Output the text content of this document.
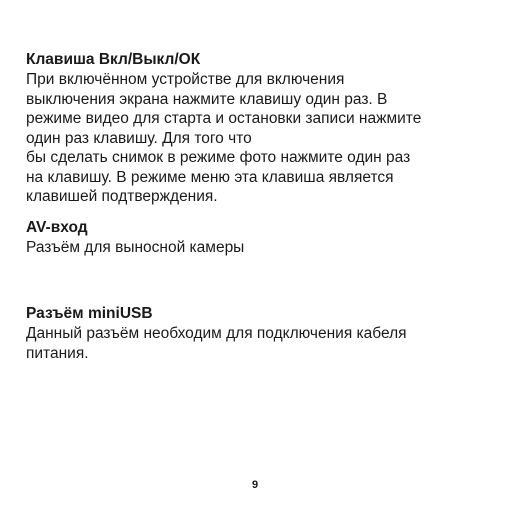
Клавиша Вкл/Выкл/ОК

При включённом устройстве для включения
выключения экрана нажмите клавишу один раз. В
режиме видео для старта и остановки записи нажмите
один раз клавишу. Для того что
бы сделать снимок в режиме фото нажмите один раз
на клавишу. В режиме меню эта клавиша является
клавишей подтверждения.

AV-вход

Разъём для выносной камеры

Разъём miniUSB

Данный разъём необходим для подключения кабеля
питания.

9
